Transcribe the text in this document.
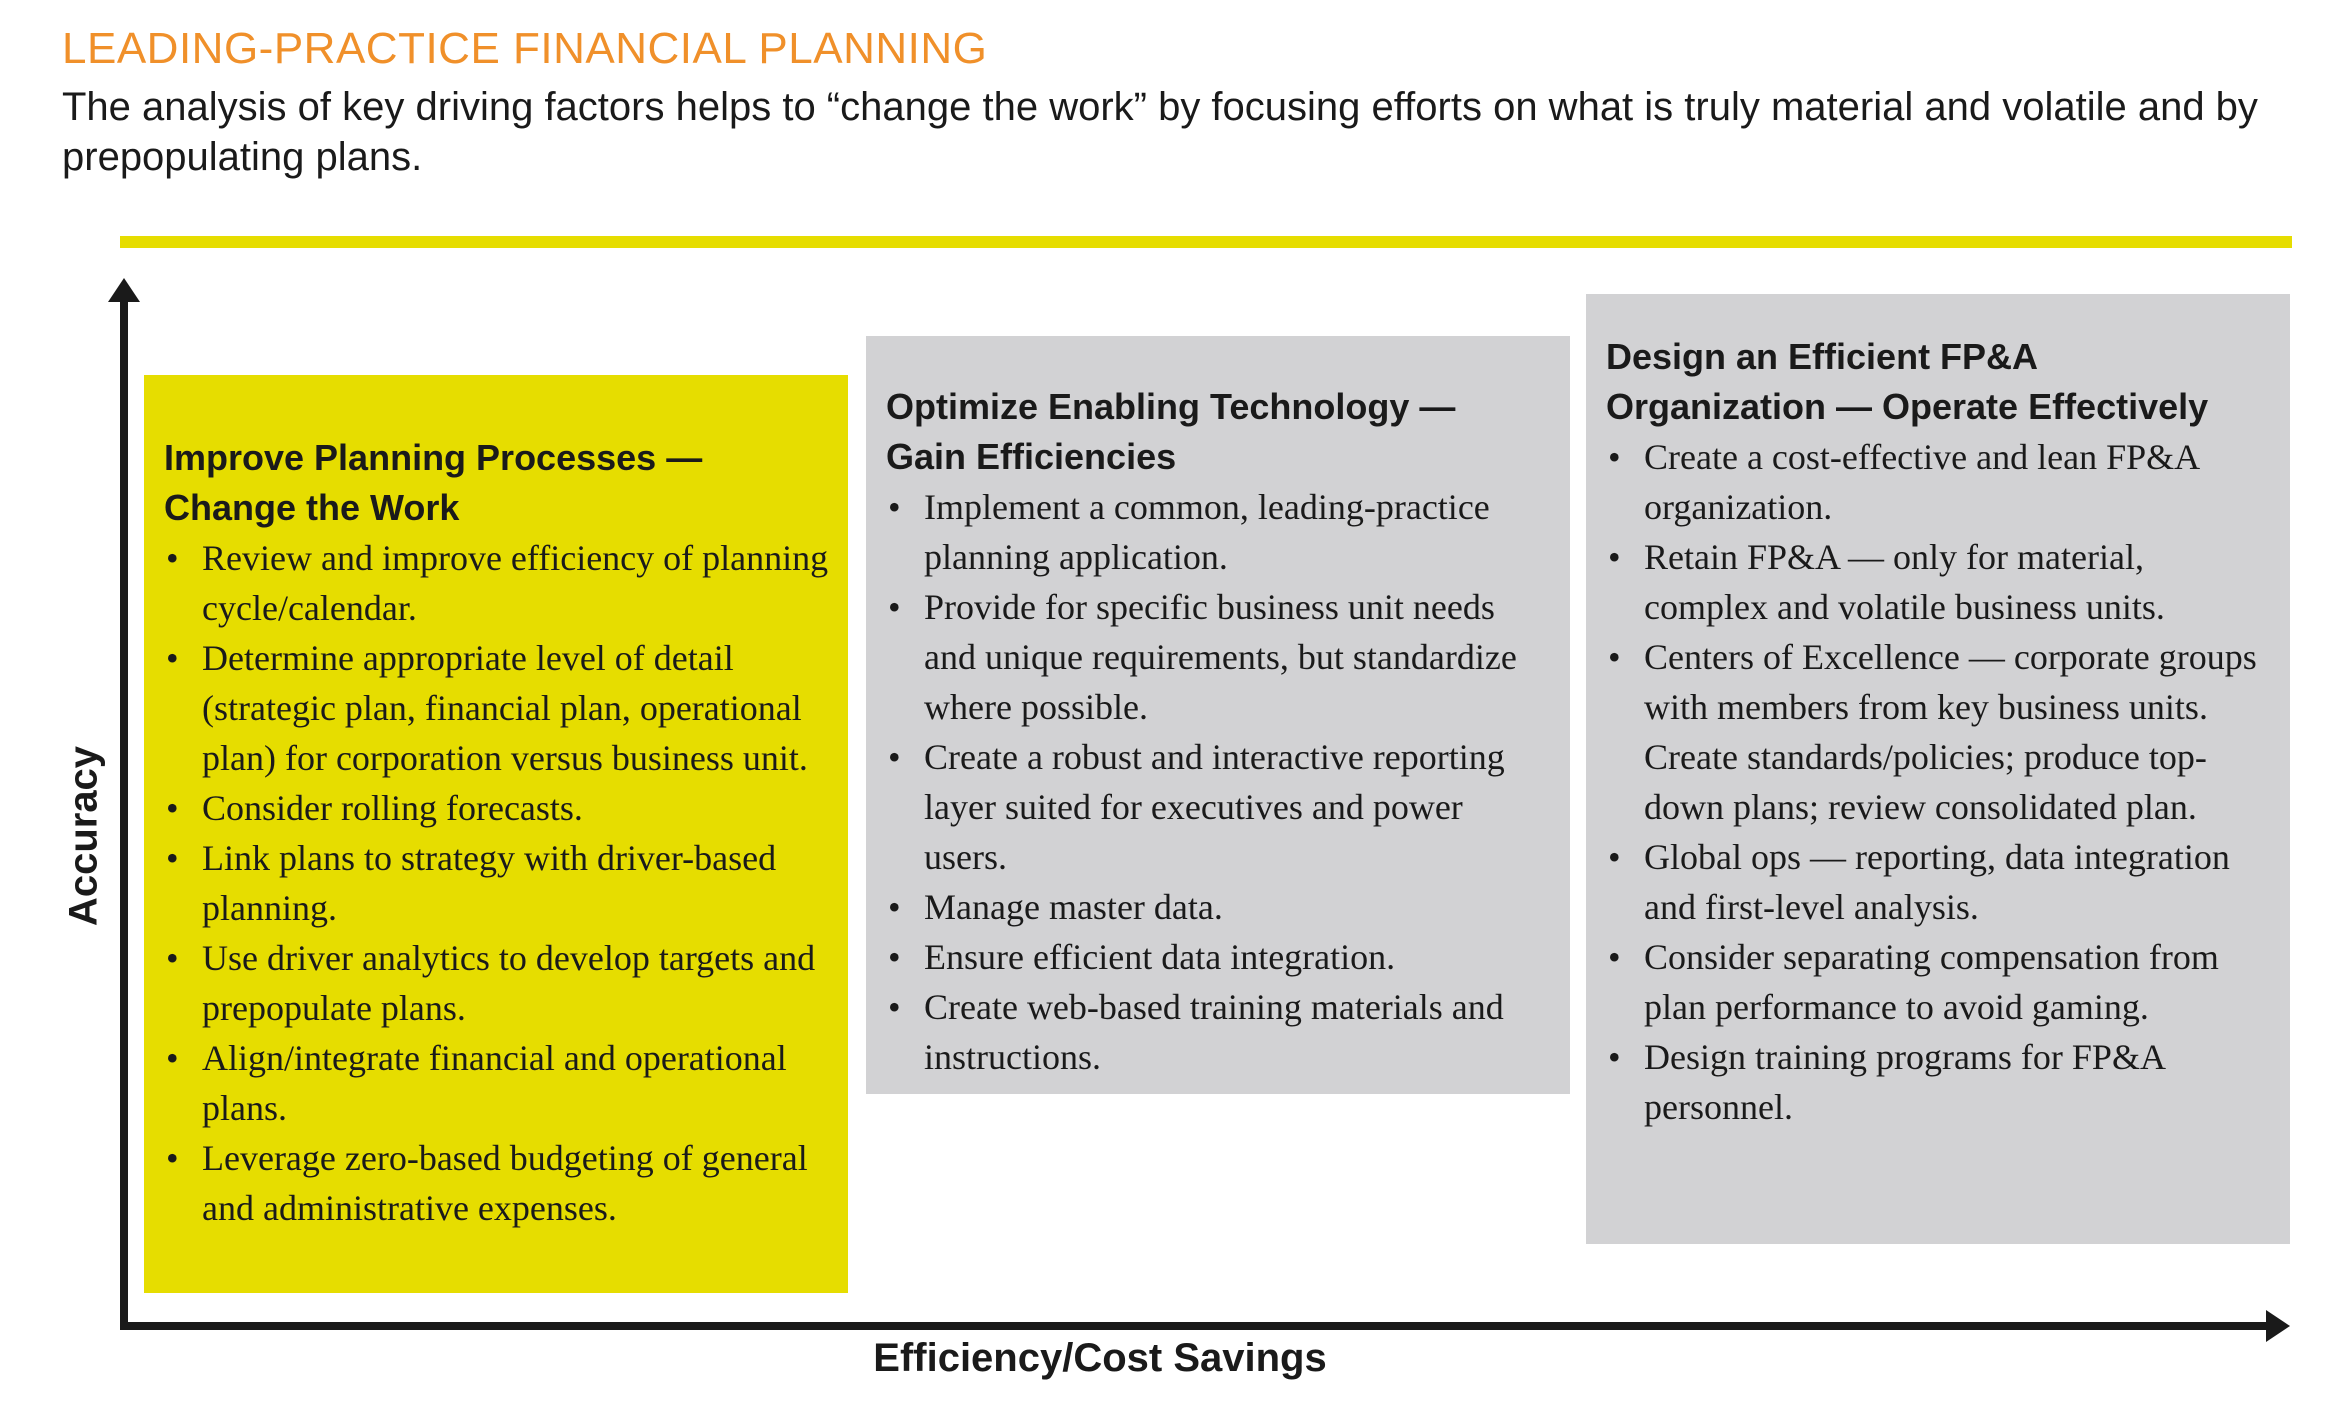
LEADING-PRACTICE FINANCIAL PLANNING
The analysis of key driving factors helps to “change the work” by focusing efforts on what is truly material and volatile and by prepopulating plans.
Accuracy
Efficiency/Cost Savings
Improve Planning Processes —
Change the Work
• Review and improve efficiency of planning cycle/calendar.
• Determine appropriate level of detail (strategic plan, financial plan, operational plan) for corporation versus business unit.
• Consider rolling forecasts.
• Link plans to strategy with driver-based planning.
• Use driver analytics to develop targets and prepopulate plans.
• Align/integrate financial and operational plans.
• Leverage zero-based budgeting of general and administrative expenses.
Optimize Enabling Technology —
Gain Efficiencies
• Implement a common, leading-practice planning application.
• Provide for specific business unit needs and unique requirements, but standardize where possible.
• Create a robust and interactive reporting layer suited for executives and power users.
• Manage master data.
• Ensure efficient data integration.
• Create web-based training materials and instructions.
Design an Efficient FP&A
Organization — Operate Effectively
• Create a cost-effective and lean FP&A organization.
• Retain FP&A — only for material, complex and volatile business units.
• Centers of Excellence — corporate groups with members from key business units. Create standards/policies; produce top-down plans; review consolidated plan.
• Global ops — reporting, data integration and first-level analysis.
• Consider separating compensation from plan performance to avoid gaming.
• Design training programs for FP&A personnel.
